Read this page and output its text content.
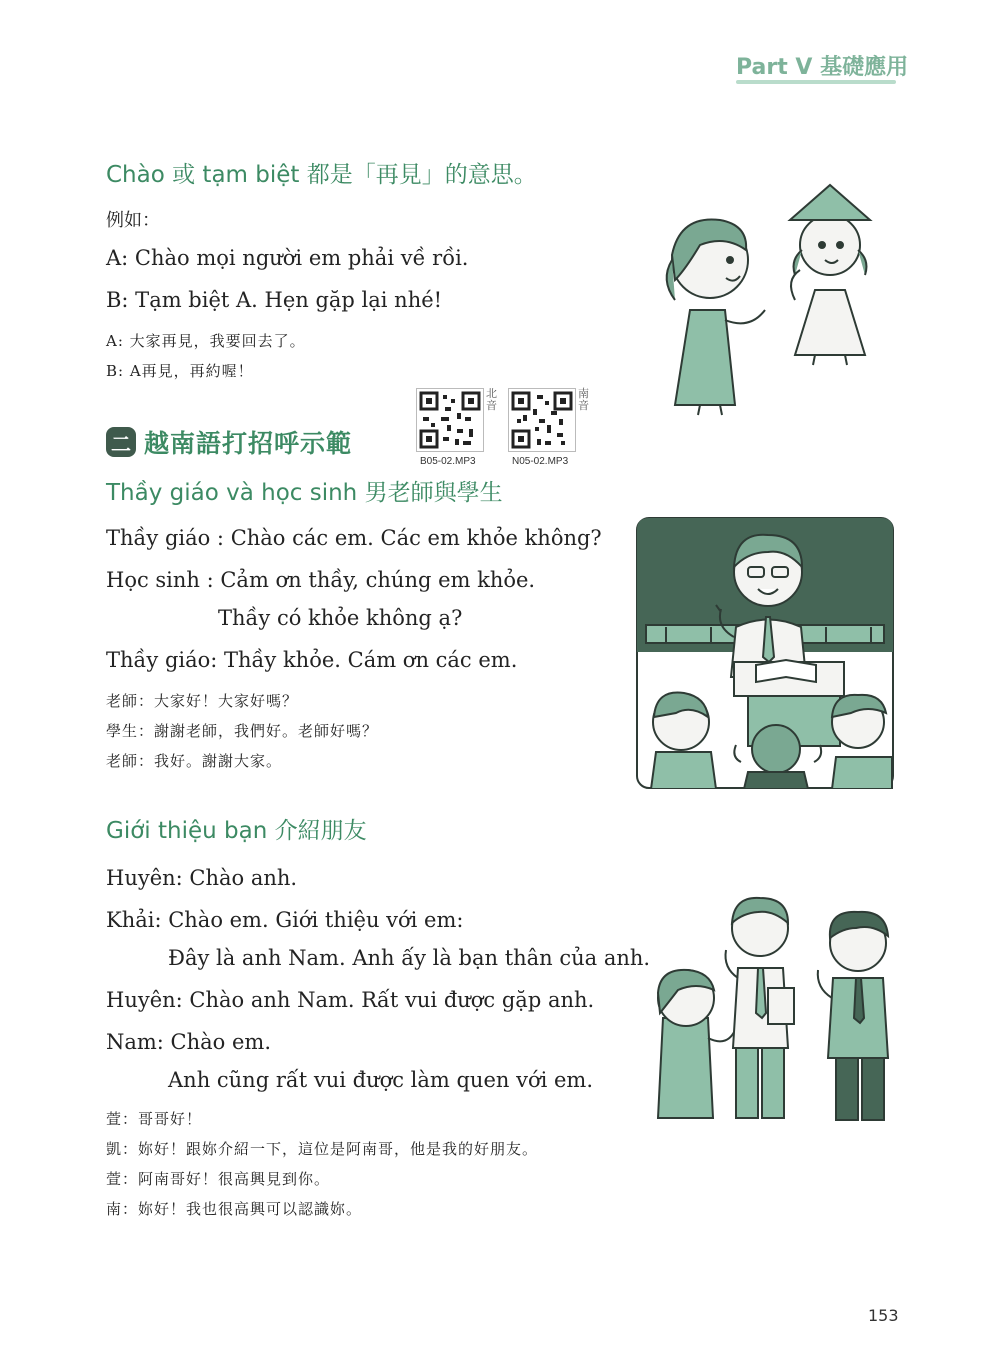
Part V 基礎應用
Chào 或 tạm biệt 都是「再見」的意思。
例如：
A: Chào mọi người em phải về rồi.
B: Tạm biệt A. Hẹn gặp lại nhé!
A: 大家再見，我要回去了。
B: A再見，再約喔！
二 越南語打招呼示範
北音
B05-02.MP3
南音
N05-02.MP3
Thầy giáo và học sinh 男老師與學生
Thầy giáo : Chào các em. Các em khỏe không?
Học sinh : Cảm ơn thầy, chúng em khỏe.
Thầy có khỏe không ạ?
Thầy giáo: Thầy khỏe. Cám ơn các em.
老師：大家好！大家好嗎？
學生：謝謝老師，我們好。老師好嗎？
老師：我好。謝謝大家。
Giới thiệu bạn 介紹朋友
Huyên: Chào anh.
Khải: Chào em. Giới thiệu với em:
Đây là anh Nam. Anh ấy là bạn thân của anh.
Huyên: Chào anh Nam. Rất vui được gặp anh.
Nam: Chào em.
Anh cũng rất vui được làm quen với em.
萱：哥哥好！
凱：妳好！跟妳介紹一下，這位是阿南哥，他是我的好朋友。
萱：阿南哥好！很高興見到你。
南：妳好！我也很高興可以認識妳。
153
